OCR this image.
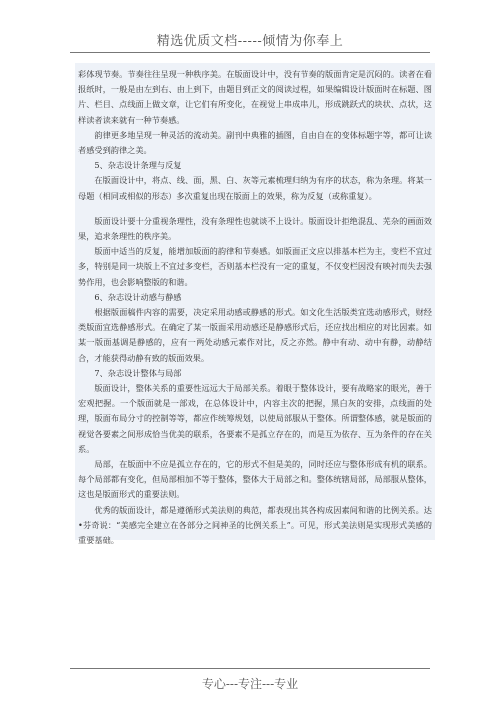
精选优质文档-----倾情为你奉上

彩体现节奏。节奏往往呈现一种秩序美。在版面设计中，没有节奏的版面肯定是沉闷的。读者在看报纸时，一般是由左到右、由上到下，由题目到正文的阅读过程，如果编辑设计版面时在标题、图片、栏目、点线面上做文章，让它们有所变化，在视觉上串成串儿，形成跳跃式的块状、点状，这样读者读来就有一种节奏感。

韵律更多地呈现一种灵活的流动美。副刊中典雅的插图，自由自在的变体标题字等，都可让读者感受到韵律之美。

5、杂志设计条理与反复

在版面设计中，将点、线、面，黑、白、灰等元素梳理归纳为有序的状态，称为条理。将某一母题（相同或相似的形态）多次重复出现在版面上的效果，称为反复（或称重复）。

版面设计要十分重视条理性，没有条理性也就谈不上设计。版面设计拒绝混乱、芜杂的画面效果，追求条理性的秩序美。

版面中适当的反复，能增加版面的韵律和节奏感。如版面正文应以排基本栏为主，变栏不宜过多，特别是同一块版上不宜过多变栏，否则基本栏没有一定的重复，不仅变栏因没有映衬而失去强势作用，也会影响整版的和谐。

6、杂志设计动感与静感

根据版面稿件内容的需要，决定采用动感或静感的形式。如文化生活版类宜选动感形式，财经类版面宜选静感形式。在确定了某一版面采用动感还是静感形式后，还应找出相应的对比因素。如某一版面基调是静感的，应有一两处动感元素作对比，反之亦然。静中有动、动中有静，动静结合，才能获得动静有致的版面效果。

7、杂志设计整体与局部

版面设计，整体关系的重要性远远大于局部关系。着眼于整体设计，要有战略家的眼光，善于宏观把握。一个版面就是一部戏，在总体设计中，内容主次的把握，黑白灰的安排，点线面的处理，版面布局分寸的控制等等，都应作统筹规划，以使局部服从于整体。所谓整体感，就是版面的视觉各要素之间形成恰当优美的联系，各要素不是孤立存在的，而是互为依存、互为条件的存在关系。

局部，在版面中不应是孤立存在的，它的形式不但是美的，同时还应与整体形成有机的联系。每个局部都有变化，但局部相加不等于整体，整体大于局部之和。整体统辖局部，局部服从整体，这也是版面形式的重要法则。

优秀的版面设计，都是遵循形式美法则的典范，都表现出其各构成因素间和谐的比例关系。达•芬奇说：“美感完全建立在各部分之间神圣的比例关系上”。可见，形式美法则是实现形式美感的重要基础。

专心---专注---专业
